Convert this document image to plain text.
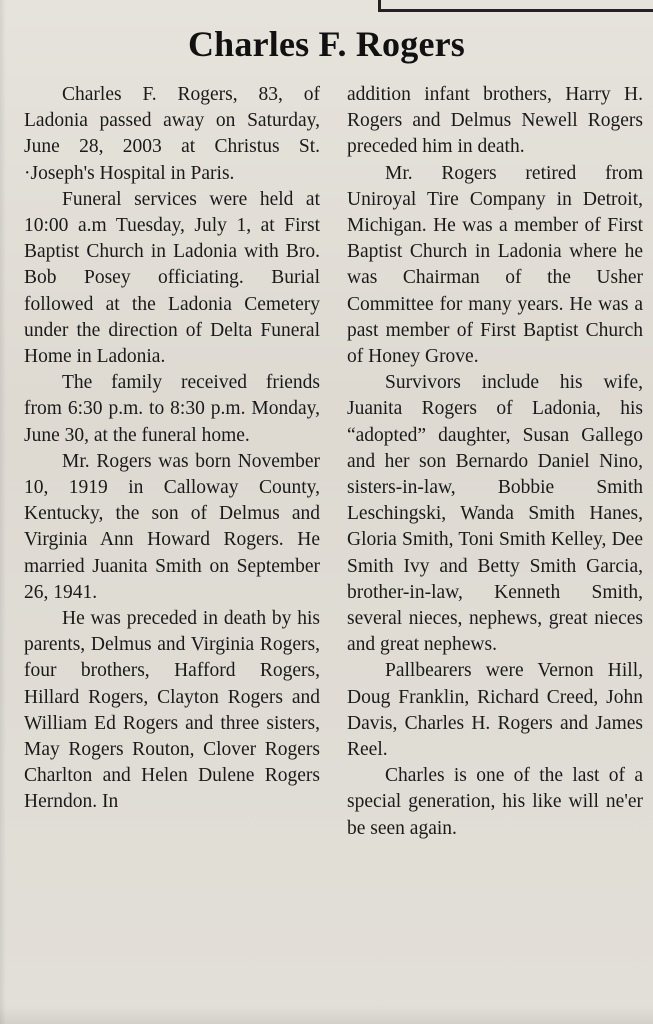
Charles F. Rogers

Charles F. Rogers, 83, of Ladonia passed away on Saturday, June 28, 2003 at Christus St. ·Joseph's Hospital in Paris.

Funeral services were held at 10:00 a.m Tuesday, July 1, at First Baptist Church in Ladonia with Bro. Bob Posey officiating. Burial followed at the Ladonia Cemetery under the direction of Delta Funeral Home in Ladonia.

The family received friends from 6:30 p.m. to 8:30 p.m. Monday, June 30, at the funeral home.

Mr. Rogers was born November 10, 1919 in Calloway County, Kentucky, the son of Delmus and Virginia Ann Howard Rogers. He married Juanita Smith on September 26, 1941.

He was preceded in death by his parents, Delmus and Virginia Rogers, four brothers, Hafford Rogers, Hillard Rogers, Clayton Rogers and William Ed Rogers and three sisters, May Rogers Routon, Clover Rogers Charlton and Helen Dulene Rogers Herndon. In

addition infant brothers, Harry H. Rogers and Delmus Newell Rogers preceded him in death.

Mr. Rogers retired from Uniroyal Tire Company in Detroit, Michigan. He was a member of First Baptist Church in Ladonia where he was Chairman of the Usher Committee for many years. He was a past member of First Baptist Church of Honey Grove.

Survivors include his wife, Juanita Rogers of Ladonia, his “adopted” daughter, Susan Gallego and her son Bernardo Daniel Nino, sisters-in-law, Bobbie Smith Leschingski, Wanda Smith Hanes, Gloria Smith, Toni Smith Kelley, Dee Smith Ivy and Betty Smith Garcia, brother-in-law, Kenneth Smith, several nieces, nephews, great nieces and great nephews.

Pallbearers were Vernon Hill, Doug Franklin, Richard Creed, John Davis, Charles H. Rogers and James Reel.

Charles is one of the last of a special generation, his like will ne'er be seen again.
